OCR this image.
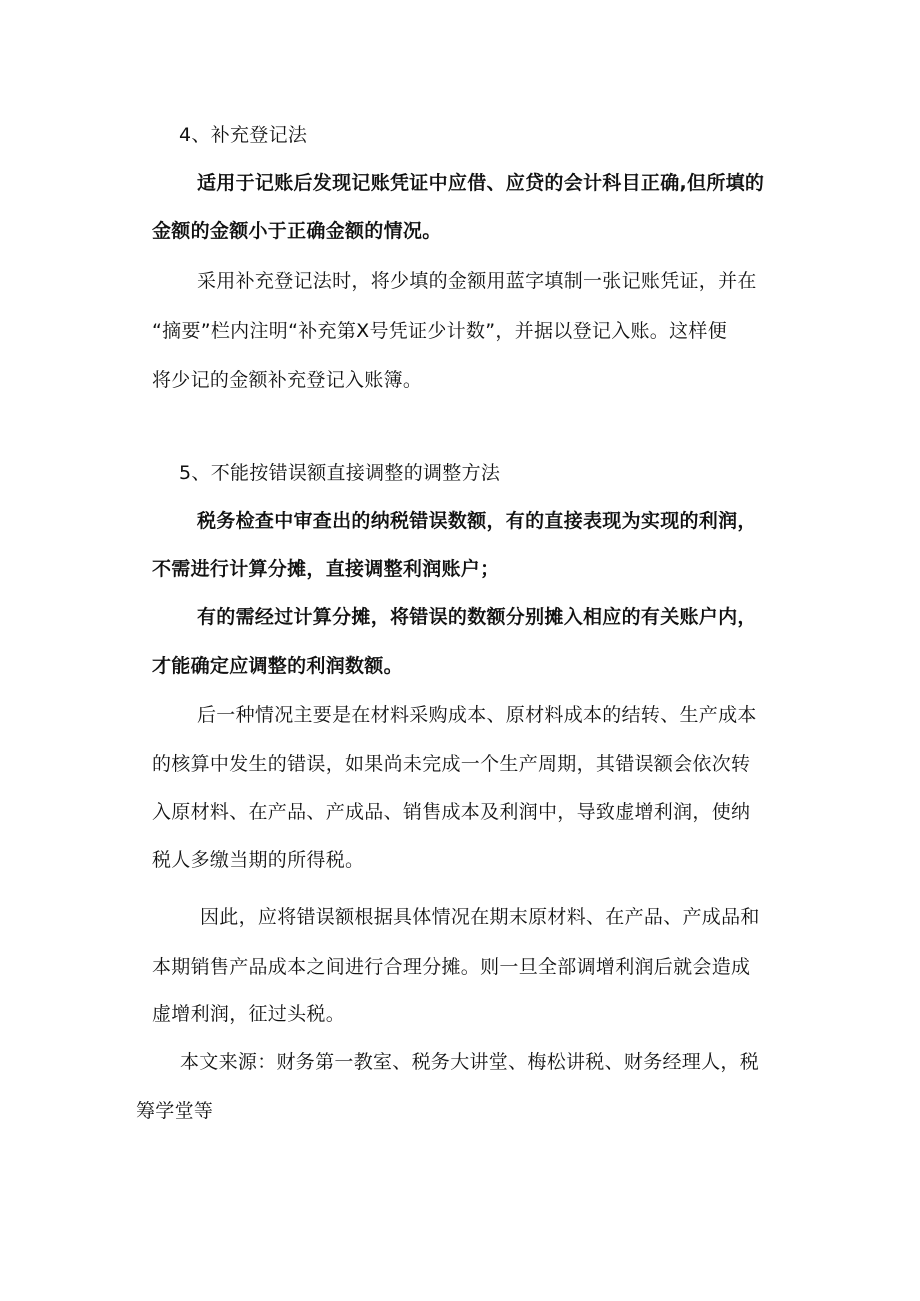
4、补充登记法
适用于记账后发现记账凭证中应借、应贷的会计科目正确,但所填的
金额的金额小于正确金额的情况。
采用补充登记法时，将少填的金额用蓝字填制一张记账凭证，并在
“摘要”栏内注明“补充第X号凭证少计数”，并据以登记入账。这样便
将少记的金额补充登记入账簿。
5、不能按错误额直接调整的调整方法
税务检查中审查出的纳税错误数额，有的直接表现为实现的利润，
不需进行计算分摊，直接调整利润账户；
有的需经过计算分摊，将错误的数额分别摊入相应的有关账户内，
才能确定应调整的利润数额。
后一种情况主要是在材料采购成本、原材料成本的结转、生产成本
的核算中发生的错误，如果尚未完成一个生产周期，其错误额会依次转
入原材料、在产品、产成品、销售成本及利润中，导致虚增利润，使纳
税人多缴当期的所得税。
因此，应将错误额根据具体情况在期末原材料、在产品、产成品和
本期销售产品成本之间进行合理分摊。则一旦全部调增利润后就会造成
虚增利润，征过头税。
本文来源：财务第一教室、税务大讲堂、梅松讲税、财务经理人，税
筹学堂等
